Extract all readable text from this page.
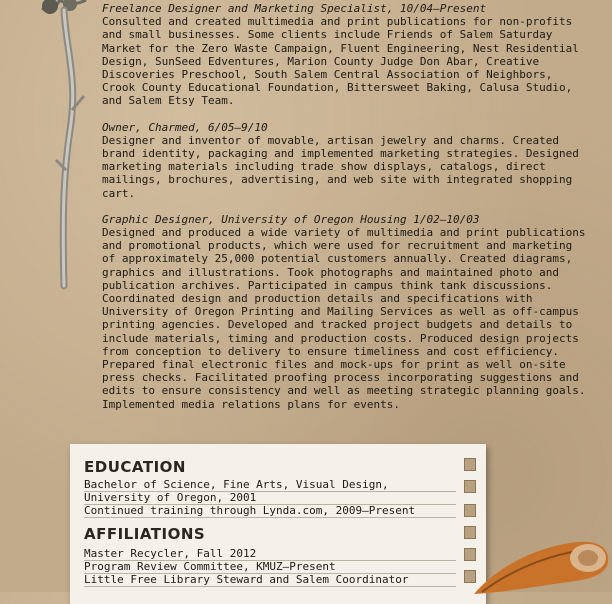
Freelance Designer and Marketing Specialist, 10/04–Present
Consulted and created multimedia and print publications for non-profits and small businesses. Some clients include Friends of Salem Saturday Market for the Zero Waste Campaign, Fluent Engineering, Nest Residential Design, SunSeed Edventures, Marion County Judge Don Abar, Creative Discoveries Preschool, South Salem Central Association of Neighbors, Crook County Educational Foundation, Bittersweet Baking, Calusa Studio, and Salem Etsy Team.
Owner, Charmed, 6/05–9/10
Designer and inventor of movable, artisan jewelry and charms. Created brand identity, packaging and implemented marketing strategies. Designed marketing materials including trade show displays, catalogs, direct mailings, brochures, advertising, and web site with integrated shopping cart.
Graphic Designer, University of Oregon Housing 1/02–10/03
Designed and produced a wide variety of multimedia and print publications and promotional products, which were used for recruitment and marketing of approximately 25,000 potential customers annually. Created diagrams, graphics and illustrations. Took photographs and maintained photo and publication archives. Participated in campus think tank discussions. Coordinated design and production details and specifications with University of Oregon Printing and Mailing Services as well as off-campus printing agencies. Developed and tracked project budgets and details to include materials, timing and production costs. Produced design projects from conception to delivery to ensure timeliness and cost efficiency. Prepared final electronic files and mock-ups for print as well on-site press checks. Facilitated proofing process incorporating suggestions and edits to ensure consistency and well as meeting strategic planning goals. Implemented media relations plans for events.
EDUCATION
Bachelor of Science, Fine Arts, Visual Design,
University of Oregon, 2001
Continued training through Lynda.com, 2009–Present
AFFILIATIONS
Master Recycler, Fall 2012
Program Review Committee, KMUZ–Present
Little Free Library Steward and Salem Coordinator
